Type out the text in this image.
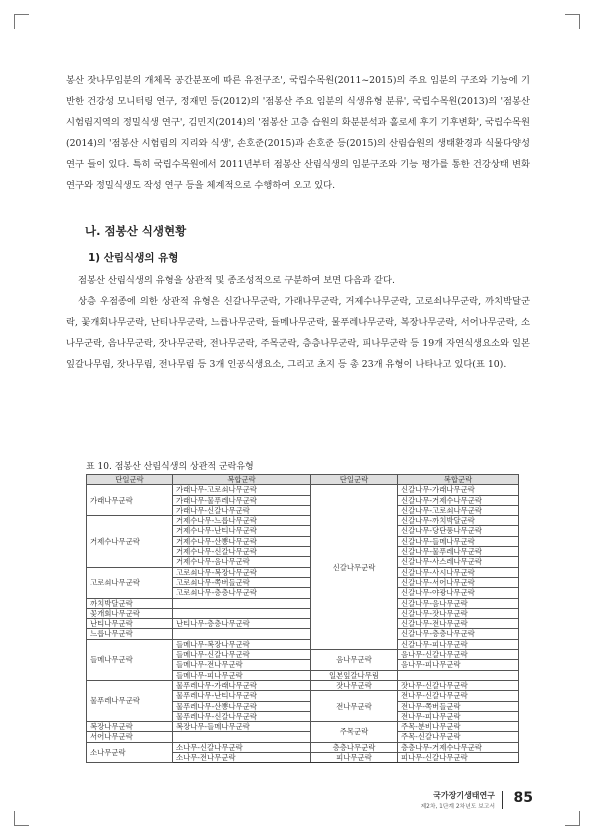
봉산 잣나무임분의 개체목 공간분포에 따른 유전구조', 국립수목원(2011~2015)의 주요 임분의 구조와 기능에 기반한 건강성 모니터링 연구, 정재민 등(2012)의 '점봉산 주요 임분의 식생유형 분류', 국립수목원(2013)의 '점봉산 시험림지역의 정밀식생 연구', 김민지(2014)의 '점봉산 고층 습원의 화분분석과 홀로세 후기 기후변화', 국립수목원(2014)의 '점봉산 시험림의 지리와 식생', 손호준(2015)과 손호준 등(2015)의 산림습원의 생태환경과 식물다양성 연구 들이 있다. 특히 국립수목원에서 2011년부터 점봉산 산림식생의 임분구조와 기능 평가를 통한 건강상태 변화 연구와 정밀식생도 작성 연구 등을 체계적으로 수행하여 오고 있다.

나. 점봉산 식생현황
1) 산림식생의 유형

점봉산 산림식생의 유형을 상관적 및 종조성적으로 구분하여 보면 다음과 같다.

상층 우점종에 의한 상관적 유형은 신갈나무군락, 가래나무군락, 거제수나무군락, 고로쇠나무군락, 까치박달군락, 꽃개회나무군락, 난티나무군락, 느릅나무군락, 들메나무군락, 물푸레나무군락, 복장나무군락, 서어나무군락, 소나무군락, 음나무군락, 잣나무군락, 전나무군락, 주목군락, 층층나무군락, 피나무군락 등 19개 자연식생요소와 일본잎갈나무림, 잣나무림, 전나무림 등 3개 인공식생요소, 그리고 초지 등 총 23개 유형이 나타나고 있다(표 10).

표 10. 점봉산 산림식생의 상관적 군락유형
단일군락	복합군락	단일군락	복합군락
가래나무군락	가래나무-고로쇠나무군락	신갈나무군락	신갈나무-가래나무군락
	가래나무-물푸레나무군락		신갈나무-거제수나무군락
	가래나무-신갈나무군락		신갈나무-고로쇠나무군락
거제수나무군락	거제수나무-느릅나무군락		신갈나무-까치박달군락
	거제수나무-난티나무군락		신갈나무-당단풍나무군락
	거제수나무-산뽕나무군락		신갈나무-들메나무군락
	거제수나무-신갈나무군락		신갈나무-물푸레나무군락
	거제수나무-음나무군락		신갈나무-사스레나무군락
고로쇠나무군락	고로쇠나무-복장나무군락		신갈나무-사시나무군락
	고로쇠나무-쪽버들군락		신갈나무-서어나무군락
	고로쇠나무-층층나무군락		신갈나무-야광나무군락
까치박달군락			신갈나무-음나무군락
꽃개회나무군락			신갈나무-잣나무군락
난티나무군락	난티나무-층층나무군락		신갈나무-전나무군락
느릅나무군락			신갈나무-층층나무군락
들메나무군락	들메나무-복장나무군락		신갈나무-피나무군락
	들메나무-신갈나무군락	음나무군락	음나무-신갈나무군락
	들메나무-전나무군락		음나무-피나무군락
	들메나무-피나무군락	일본잎갈나무림	
물푸레나무군락	물푸레나무-가래나무군락	잣나무군락	잣나무-신갈나무군락
	물푸레나무-난티나무군락	전나무군락	전나무-신갈나무군락
	물푸레나무-산뽕나무군락		전나무-쪽버들군락
	물푸레나무-신갈나무군락		전나무-피나무군락
복장나무군락	복장나무-들메나무군락	주목군락	주목-분비나무군락
서어나무군락			주목-신갈나무군락
소나무군락	소나무-신갈나무군락	층층나무군락	층층나무-거제수나무군락
	소나무-전나무군락	피나무군락	피나무-신갈나무군락
국가장기생태연구
제2차, 1단계 2차년도 보고서
85
